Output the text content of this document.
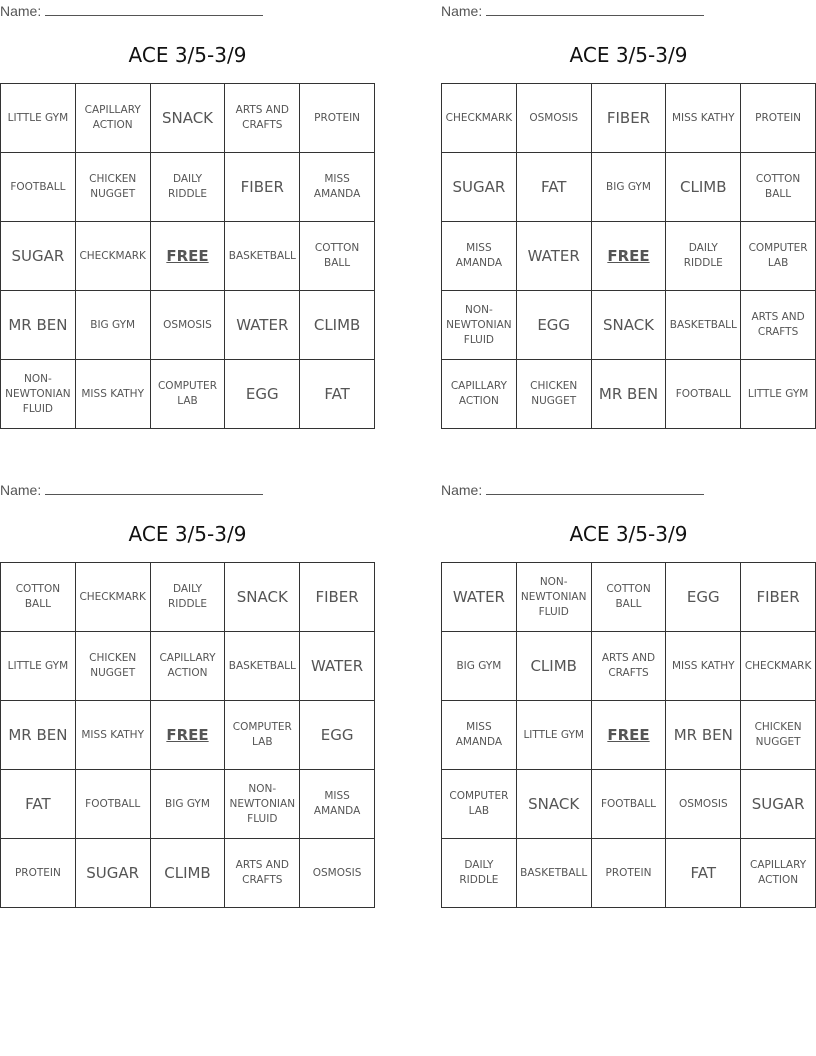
Name:
ACE 3/5-3/9
LITTLE GYM	CAPILLARY ACTION	SNACK	ARTS AND CRAFTS	PROTEIN
FOOTBALL	CHICKEN NUGGET	DAILY RIDDLE	FIBER	MISS AMANDA
SUGAR	CHECKMARK	FREE	BASKETBALL	COTTON BALL
MR BEN	BIG GYM	OSMOSIS	WATER	CLIMB
NON-NEWTONIAN FLUID	MISS KATHY	COMPUTER LAB	EGG	FAT
Name:
ACE 3/5-3/9
CHECKMARK	OSMOSIS	FIBER	MISS KATHY	PROTEIN
SUGAR	FAT	BIG GYM	CLIMB	COTTON BALL
MISS AMANDA	WATER	FREE	DAILY RIDDLE	COMPUTER LAB
NON-NEWTONIAN FLUID	EGG	SNACK	BASKETBALL	ARTS AND CRAFTS
CAPILLARY ACTION	CHICKEN NUGGET	MR BEN	FOOTBALL	LITTLE GYM
Name:
ACE 3/5-3/9
COTTON BALL	CHECKMARK	DAILY RIDDLE	SNACK	FIBER
LITTLE GYM	CHICKEN NUGGET	CAPILLARY ACTION	BASKETBALL	WATER
MR BEN	MISS KATHY	FREE	COMPUTER LAB	EGG
FAT	FOOTBALL	BIG GYM	NON-NEWTONIAN FLUID	MISS AMANDA
PROTEIN	SUGAR	CLIMB	ARTS AND CRAFTS	OSMOSIS
Name:
ACE 3/5-3/9
WATER	NON-NEWTONIAN FLUID	COTTON BALL	EGG	FIBER
BIG GYM	CLIMB	ARTS AND CRAFTS	MISS KATHY	CHECKMARK
MISS AMANDA	LITTLE GYM	FREE	MR BEN	CHICKEN NUGGET
COMPUTER LAB	SNACK	FOOTBALL	OSMOSIS	SUGAR
DAILY RIDDLE	BASKETBALL	PROTEIN	FAT	CAPILLARY ACTION
